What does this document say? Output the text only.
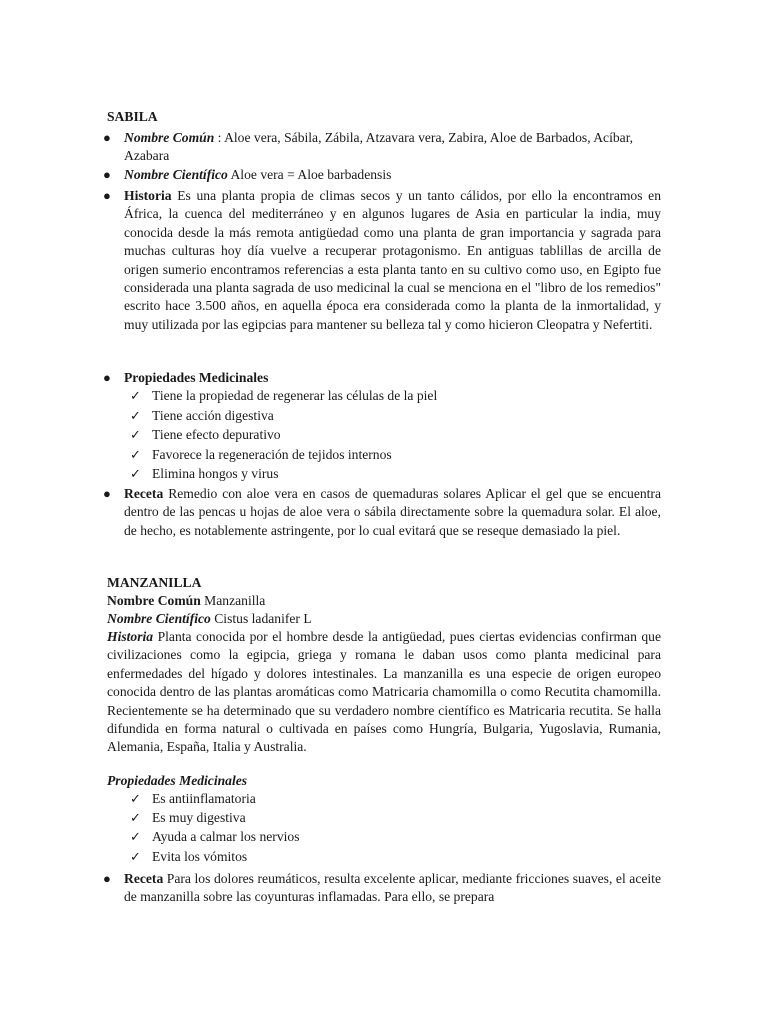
SABILA
● Nombre Común : Aloe vera, Sábila, Zábila, Atzavara vera, Zabira, Aloe de Barbados, Acíbar, Azabara
● Nombre Científico Aloe vera = Aloe barbadensis
● Historia Es una planta propia de climas secos y un tanto cálidos, por ello la encontramos en África, la cuenca del mediterráneo y en algunos lugares de Asia en particular la india, muy conocida desde la más remota antigüedad como una planta de gran importancia y sagrada para muchas culturas hoy día vuelve a recuperar protagonismo. En antiguas tablillas de arcilla de origen sumerio encontramos referencias a esta planta tanto en su cultivo como uso, en Egipto fue considerada una planta sagrada de uso medicinal la cual se menciona en el "libro de los remedios" escrito hace 3.500 años, en aquella época era considerada como la planta de la inmortalidad, y muy utilizada por las egipcias para mantener su belleza tal y como hicieron Cleopatra y Nefertiti.
● Propiedades Medicinales
✓ Tiene la propiedad de regenerar las células de la piel
✓ Tiene acción digestiva
✓ Tiene efecto depurativo
✓ Favorece la regeneración de tejidos internos
✓ Elimina hongos y virus
● Receta Remedio con aloe vera en casos de quemaduras solares Aplicar el gel que se encuentra dentro de las pencas u hojas de aloe vera o sábila directamente sobre la quemadura solar. El aloe, de hecho, es notablemente astringente, por lo cual evitará que se reseque demasiado la piel.
MANZANILLA
Nombre Común Manzanilla
Nombre Científico Cistus ladanifer L
Historia Planta conocida por el hombre desde la antigüedad, pues ciertas evidencias confirman que civilizaciones como la egipcia, griega y romana le daban usos como planta medicinal para enfermedades del hígado y dolores intestinales. La manzanilla es una especie de origen europeo conocida dentro de las plantas aromáticas como Matricaria chamomilla o como Recutita chamomilla. Recientemente se ha determinado que su verdadero nombre científico es Matricaria recutita. Se halla difundida en forma natural o cultivada en países como Hungría, Bulgaria, Yugoslavia, Rumania, Alemania, España, Italia y Australia.
Propiedades Medicinales
✓ Es antiinflamatoria
✓ Es muy digestiva
✓ Ayuda a calmar los nervios
✓ Evita los vómitos
● Receta Para los dolores reumáticos, resulta excelente aplicar, mediante fricciones suaves, el aceite de manzanilla sobre las coyunturas inflamadas. Para ello, se prepara
